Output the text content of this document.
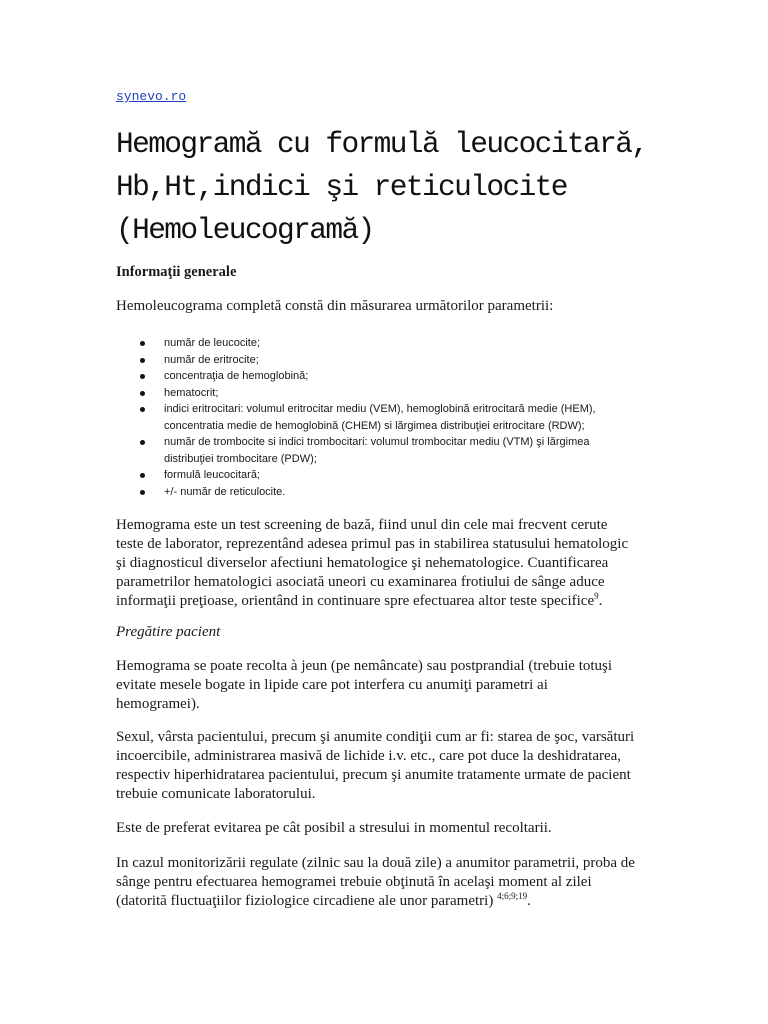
synevo.ro
Hemogramă cu formulă leucocitară,
Hb,Ht,indici şi reticulocite
(Hemoleucogramă)
Informaţii generale

Hemoleucograma completă constă din măsurarea următorilor parametrii:

număr de leucocite;
număr de eritrocite;
concentraţia de hemoglobină;
hematocrit;
indici eritrocitari: volumul eritrocitar mediu (VEM), hemoglobină eritrocitară medie (HEM),
concentratia medie de hemoglobină (CHEM) si lărgimea distribuţiei eritrocitare (RDW);
număr de trombocite si indici trombocitari: volumul trombocitar mediu (VTM) şi lărgimea
distribuţiei trombocitare (PDW);
formulă leucocitară;
+/- număr de reticulocite.

Hemograma este un test screening de bază, fiind unul din cele mai frecvent cerute
teste de laborator, reprezentând adesea primul pas in stabilirea statusului hematologic
şi diagnosticul diverselor afectiuni hematologice şi nehematologice. Cuantificarea
parametrilor hematologici asociată uneori cu examinarea frotiului de sânge aduce
informaţii preţioase, orientând in continuare spre efectuarea altor teste specifice$^9$.

Pregătire pacient

Hemograma se poate recolta à jeun (pe nemâncate) sau postprandial (trebuie totuşi
evitate mesele bogate in lipide care pot interfera cu anumiţi parametri ai
hemogramei).

Sexul, vârsta pacientului, precum şi anumite condiţii cum ar fi: starea de şoc, varsături
incoercibile, administrarea masivă de lichide i.v. etc., care pot duce la deshidratarea,
respectiv hiperhidratarea pacientului, precum şi anumite tratamente urmate de pacient
trebuie comunicate laboratorului.

Este de preferat evitarea pe cât posibil a stresului in momentul recoltarii.

In cazul monitorizării regulate (zilnic sau la două zile) a anumitor parametrii, proba de
sânge pentru efectuarea hemogramei trebuie obţinută în acelaşi moment al zilei
(datorită fluctuaţiilor fiziologice circadiene ale unor parametri) $^{4;6;9;19}$.
